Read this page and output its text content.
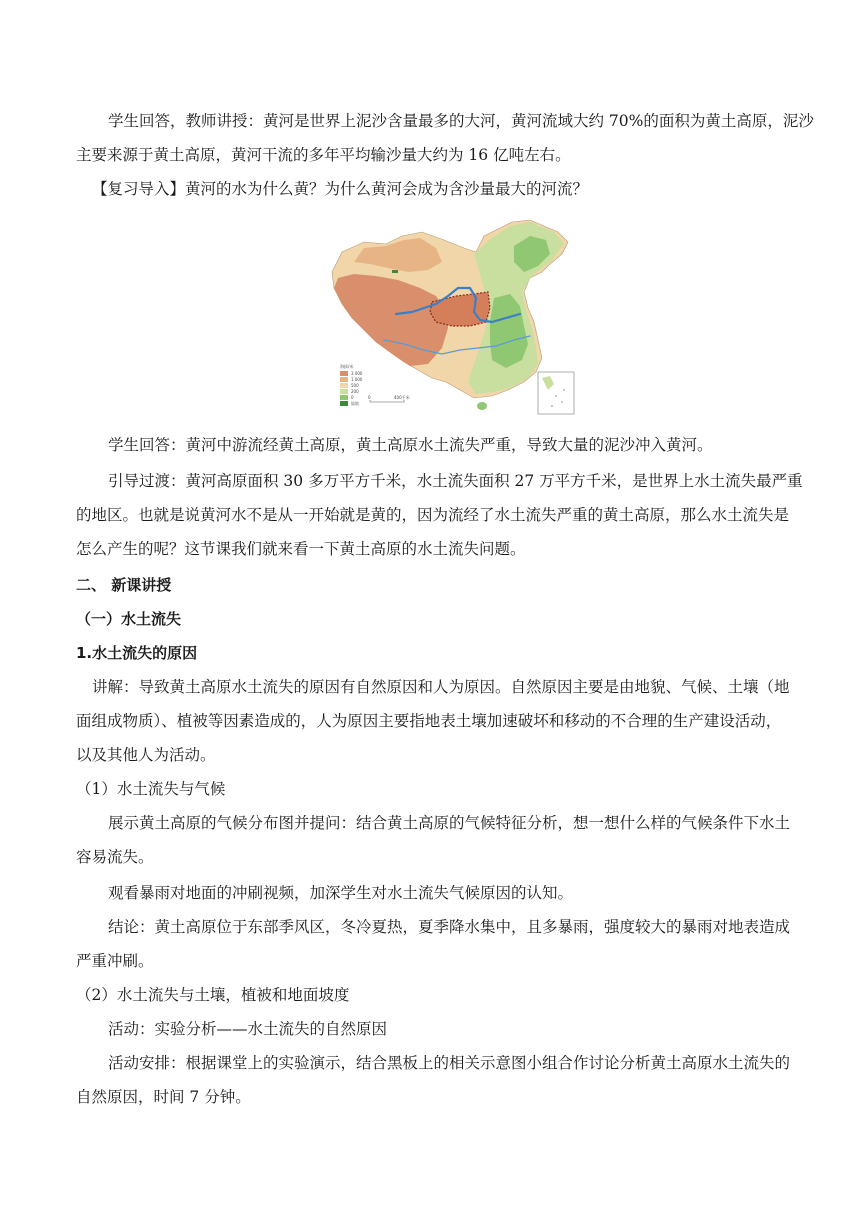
学生回答，教师讲授：黄河是世界上泥沙含量最多的大河，黄河流域大约 70%的面积为黄土高原，泥沙
主要来源于黄土高原，黄河干流的多年平均输沙量大约为 16 亿吨左右。
【复习导入】黄河的水为什么黄？为什么黄河会成为含沙量最大的河流？
海拔/米
3 000
1 000
500
200
0
陆地
0	400千米
学生回答：黄河中游流经黄土高原，黄土高原水土流失严重，导致大量的泥沙冲入黄河。
引导过渡：黄河高原面积 30 多万平方千米，水土流失面积 27 万平方千米，是世界上水土流失最严重
的地区。也就是说黄河水不是从一开始就是黄的，因为流经了水土流失严重的黄土高原，那么水土流失是
怎么产生的呢？这节课我们就来看一下黄土高原的水土流失问题。
二、 新课讲授
（一）水土流失
1.水土流失的原因
讲解：导致黄土高原水土流失的原因有自然原因和人为原因。自然原因主要是由地貌、气候、土壤（地
面组成物质）、植被等因素造成的，人为原因主要指地表土壤加速破坏和移动的不合理的生产建设活动，
以及其他人为活动。
（1）水土流失与气候
展示黄土高原的气候分布图并提问：结合黄土高原的气候特征分析，想一想什么样的气候条件下水土
容易流失。
观看暴雨对地面的冲刷视频，加深学生对水土流失气候原因的认知。
结论：黄土高原位于东部季风区，冬冷夏热，夏季降水集中，且多暴雨，强度较大的暴雨对地表造成
严重冲刷。
（2）水土流失与土壤，植被和地面坡度
活动：实验分析——水土流失的自然原因
活动安排：根据课堂上的实验演示，结合黑板上的相关示意图小组合作讨论分析黄土高原水土流失的
自然原因，时间 7 分钟。
